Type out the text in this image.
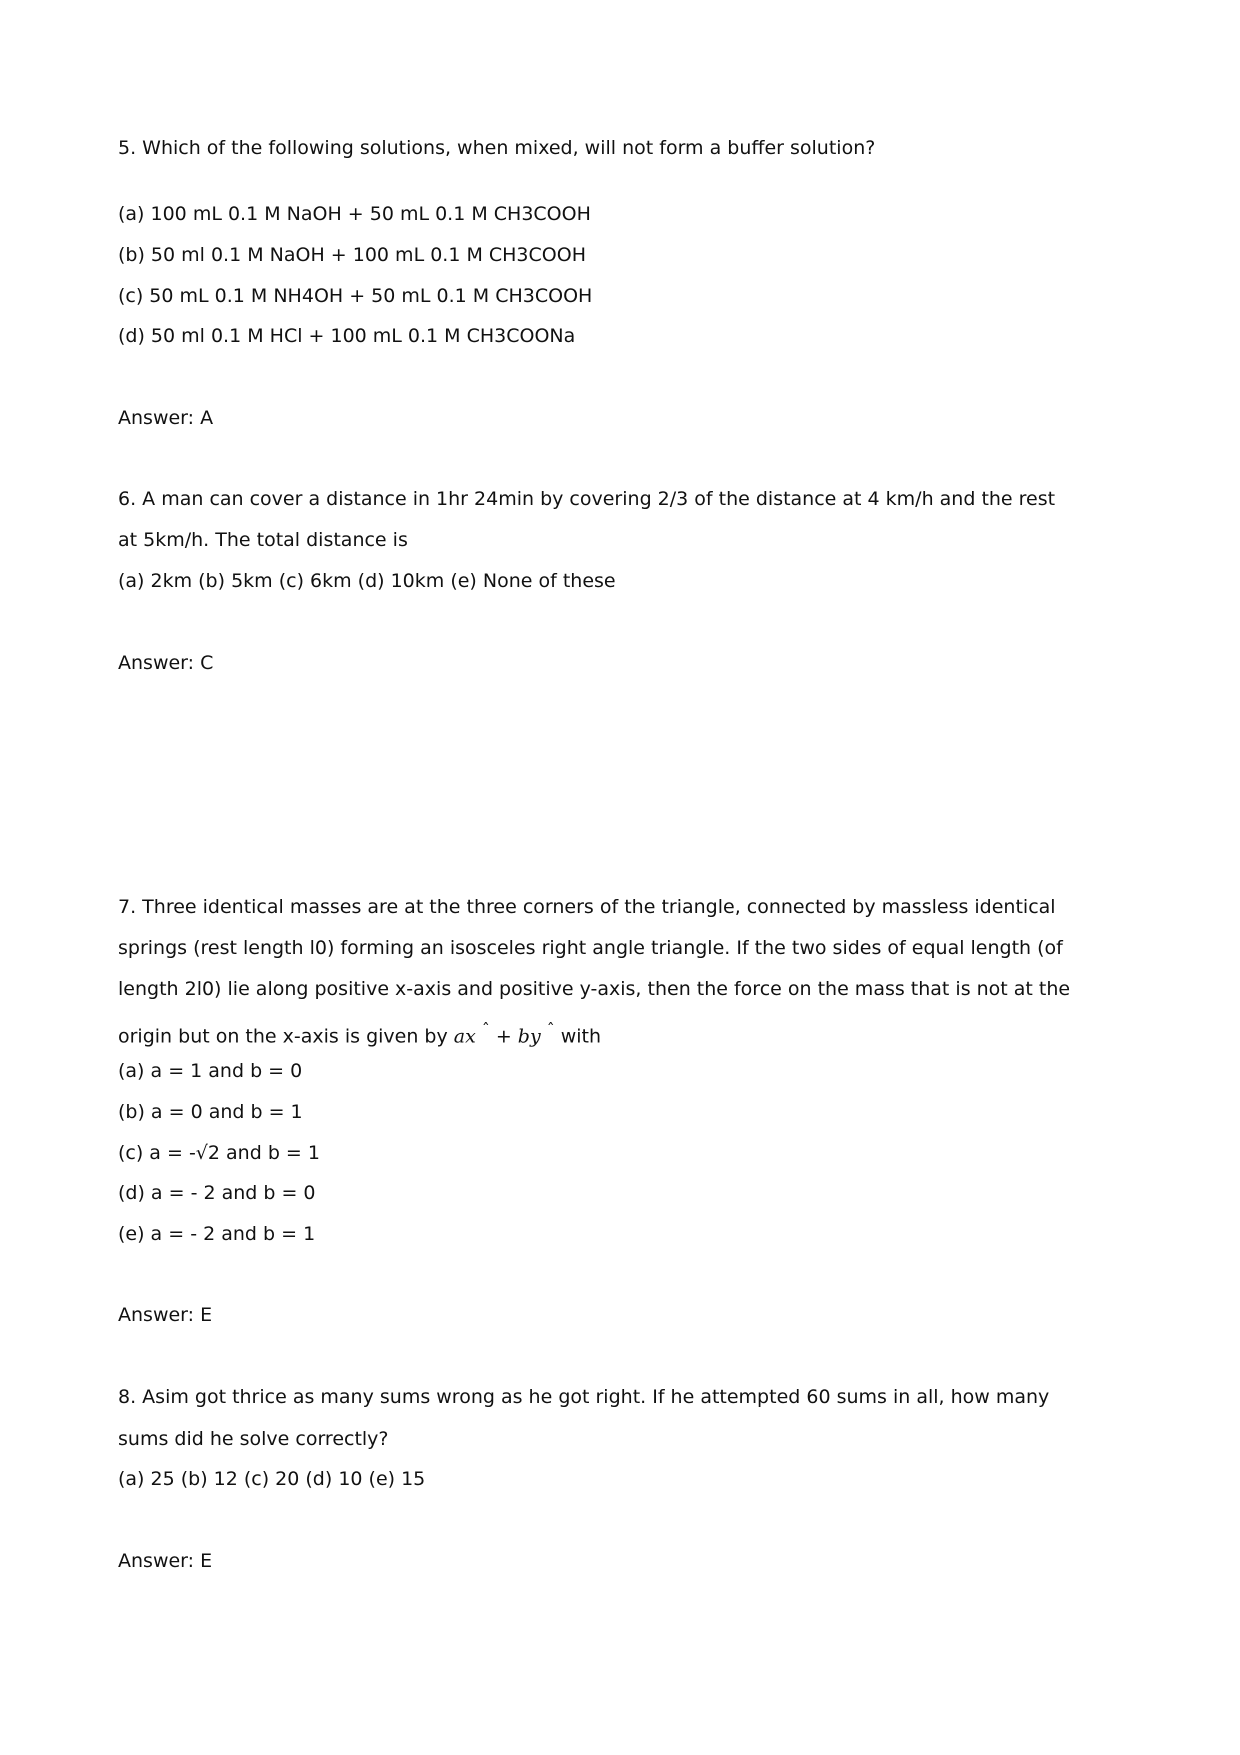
5. Which of the following solutions, when mixed, will not form a buffer solution?
(a) 100 mL 0.1 M NaOH + 50 mL 0.1 M CH3COOH
(b) 50 ml 0.1 M NaOH + 100 mL 0.1 M CH3COOH
(c) 50 mL 0.1 M NH4OH + 50 mL 0.1 M CH3COOH
(d) 50 ml 0.1 M HCl + 100 mL 0.1 M CH3COONa
Answer: A
6. A man can cover a distance in 1hr 24min by covering 2/3 of the distance at 4 km/h and the rest
at 5km/h. The total distance is
(a) 2km (b) 5km (c) 6km (d) 10km (e) None of these
Answer: C
7. Three identical masses are at the three corners of the triangle, connected by massless identical
springs (rest length l0) forming an isosceles right angle triangle. If the two sides of equal length (of
length 2l0) lie along positive x-axis and positive y-axis, then the force on the mass that is not at the
origin but on the x-axis is given by ax $^ˆ$ + by $^ˆ$ with
(a) a = 1 and b = 0
(b) a = 0 and b = 1
(c) a = -√2 and b = 1
(d) a = - 2 and b = 0
(e) a = - 2 and b = 1
Answer: E
8. Asim got thrice as many sums wrong as he got right. If he attempted 60 sums in all, how many
sums did he solve correctly?
(a) 25 (b) 12 (c) 20 (d) 10 (e) 15
Answer: E
